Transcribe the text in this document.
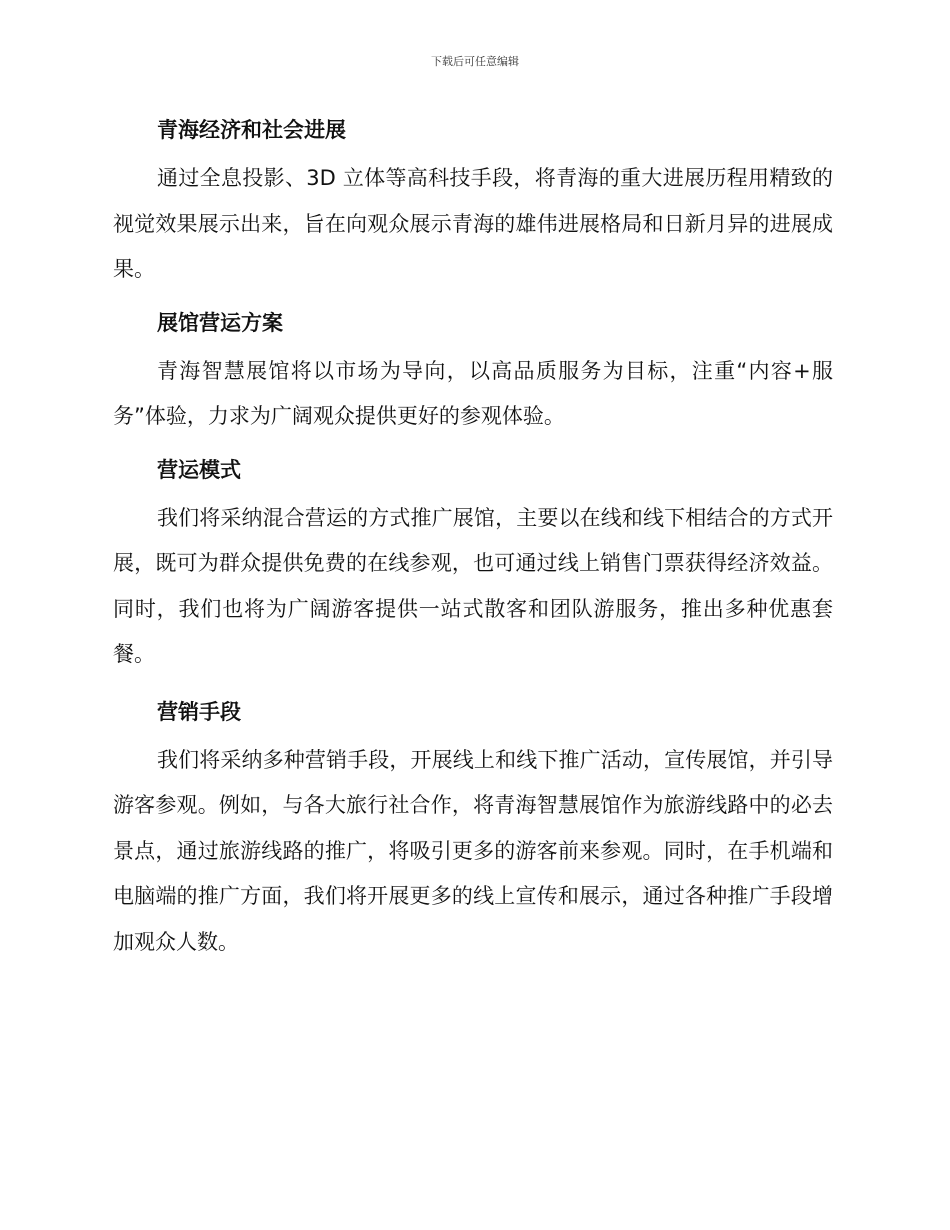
下载后可任意编辑
青海经济和社会进展

通过全息投影、3D 立体等高科技手段，将青海的重大进展历程用精致的视觉效果展示出来，旨在向观众展示青海的雄伟进展格局和日新月异的进展成果。

展馆营运方案

青海智慧展馆将以市场为导向，以高品质服务为目标，注重“内容+服务”体验，力求为广阔观众提供更好的参观体验。

营运模式

我们将采纳混合营运的方式推广展馆，主要以在线和线下相结合的方式开展，既可为群众提供免费的在线参观，也可通过线上销售门票获得经济效益。同时，我们也将为广阔游客提供一站式散客和团队游服务，推出多种优惠套餐。

营销手段

我们将采纳多种营销手段，开展线上和线下推广活动，宣传展馆，并引导游客参观。例如，与各大旅行社合作，将青海智慧展馆作为旅游线路中的必去景点，通过旅游线路的推广，将吸引更多的游客前来参观。同时，在手机端和电脑端的推广方面，我们将开展更多的线上宣传和展示，通过各种推广手段增加观众人数。
